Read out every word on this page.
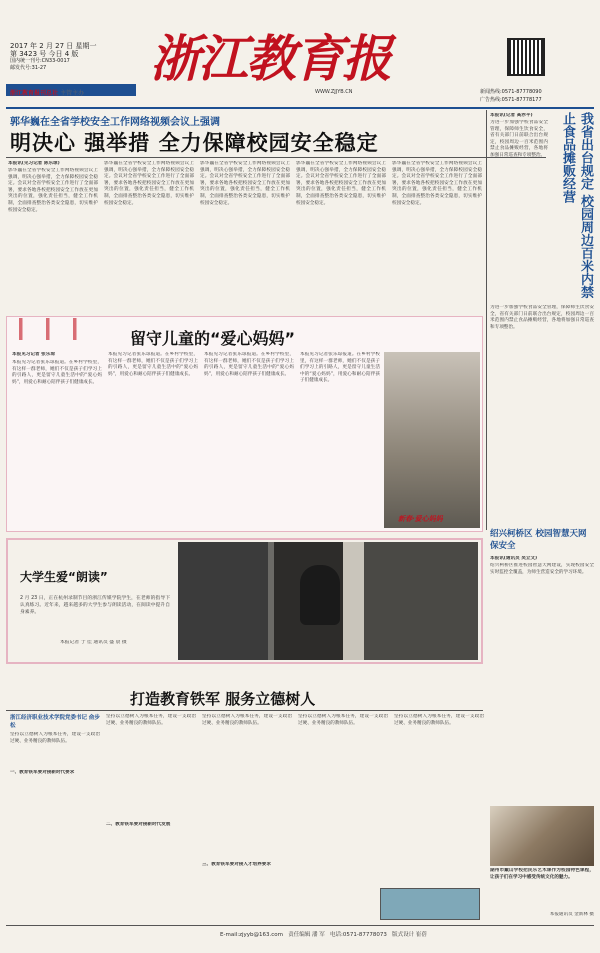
2017 年 2 月 27 日 星期一
第 3423 号 今日 4 版
国内统一刊号:CN33-0017
邮发代号:31-27
浙江教育报刊总社 主管主办
浙江教育报
WWW.ZJJYB.CN	新闻热线:0571-87778090
广告热线:0571-87778177
郭华巍在全省学校安全工作网络视频会议上强调
明决心 强举措 全力保障校园安全稳定
本报讯(见习记者 陈乐琼)
郭华巍在全省学校安全工作网络视频会议上强调，明决心强举措，全力保障校园安全稳定。会议对全省学校安全工作进行了全面部署，要求各地各校把校园安全工作放在更加突出的位置，强化责任担当，健全工作机制，全面排查整治各类安全隐患，切实维护校园安全稳定。
郭华巍在全省学校安全工作网络视频会议上强调，明决心强举措，全力保障校园安全稳定。会议对全省学校安全工作进行了全面部署，要求各地各校把校园安全工作放在更加突出的位置，强化责任担当，健全工作机制，全面排查整治各类安全隐患，切实维护校园安全稳定。
郭华巍在全省学校安全工作网络视频会议上强调，明决心强举措，全力保障校园安全稳定。会议对全省学校安全工作进行了全面部署，要求各地各校把校园安全工作放在更加突出的位置，强化责任担当，健全工作机制，全面排查整治各类安全隐患，切实维护校园安全稳定。
郭华巍在全省学校安全工作网络视频会议上强调，明决心强举措，全力保障校园安全稳定。会议对全省学校安全工作进行了全面部署，要求各地各校把校园安全工作放在更加突出的位置，强化责任担当，健全工作机制，全面排查整治各类安全隐患，切实维护校园安全稳定。
郭华巍在全省学校安全工作网络视频会议上强调，明决心强举措，全力保障校园安全稳定。会议对全省学校安全工作进行了全面部署，要求各地各校把校园安全工作放在更加突出的位置，强化责任担当，健全工作机制，全面排查整治各类安全隐患，切实维护校园安全稳定。	我省出台规定 校园周边百米内禁止食品摊贩经营
本报讯(记者 高赤平)
为进一步加强学校食品安全管理，保障师生饮食安全，省有关部门日前联合出台规定，校园周边一百米范围内禁止食品摊贩经营，各地将加强日常巡查和专项整治。
为进一步加强学校食品安全管理，保障师生饮食安全，省有关部门日前联合出台规定，校园周边一百米范围内禁止食品摊贩经营，各地将加强日常巡查和专项整治。
留守儿童的“爱心妈妈”
本报见习记者 张乐琼
本报见习记者张乐琼报道。在乡村学校里，有这样一群老师，她们不仅是孩子们学习上的引路人，更是留守儿童生活中的“爱心妈妈”，用爱心和耐心陪伴孩子们健康成长。
本报见习记者张乐琼报道。在乡村学校里，有这样一群老师，她们不仅是孩子们学习上的引路人，更是留守儿童生活中的“爱心妈妈”，用爱心和耐心陪伴孩子们健康成长。
本报见习记者张乐琼报道。在乡村学校里，有这样一群老师，她们不仅是孩子们学习上的引路人，更是留守儿童生活中的“爱心妈妈”，用爱心和耐心陪伴孩子们健康成长。
本报见习记者张乐琼报道。在乡村学校里，有这样一群老师，她们不仅是孩子们学习上的引路人，更是留守儿童生活中的“爱心妈妈”，用爱心和耐心陪伴孩子们健康成长。
新春·爱心妈妈
绍兴柯桥区 校园智慧天网保安全
本报讯(通讯员 吴立文)
绍兴柯桥区推进校园智慧天网建设，实现校园安全实时监控全覆盖，为师生营造安全的学习环境。
大学生爱“朗读”
2 月 23 日，正在杭州录制节目的浙江传媒学院学生，在老师的指导下认真练习。近年来，越来越多的大学生参与朗读活动，在阅读中提升自身素养。
本报记者 于 佳 通讯员 盛 晨 摄
打造教育铁军 服务立德树人
浙江经济职业技术学院党委书记 俞步松
坚持以立德树人为根本任务，建设一支政治过硬、业务精良的教师队伍。
一、教育铁军要对接新时代要求
坚持以立德树人为根本任务，建设一支政治过硬、业务精良的教师队伍。
二、教育铁军要对接新时代发展
坚持以立德树人为根本任务，建设一支政治过硬、业务精良的教师队伍。
三、教育铁军要对接人才培养要求
坚持以立德树人为根本任务，建设一支政治过硬、业务精良的教师队伍。
坚持以立德树人为根本任务，建设一支政治过硬、业务精良的教师队伍。
湖州市戴山学校把民乐艺术课作为校园特色课程，让孩子们在学习中感受传统文化的魅力。
本报通讯员 金新林 摄
E-mail:zjyyb@163.com 责任编辑 潘 军 电话:0571-87778073 版式设计 崔蓓
